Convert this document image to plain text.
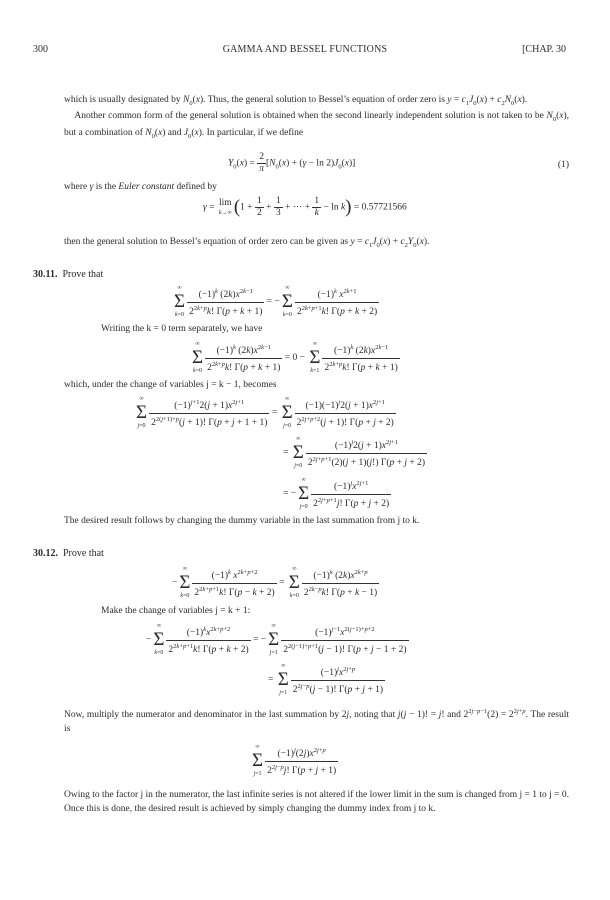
300	GAMMA AND BESSEL FUNCTIONS	[CHAP. 30
which is usually designated by $N_0(x)$. Thus, the general solution to Bessel’s equation of order zero is $y = c_1J_0(x) + c_2N_0(x)$.
Another common form of the general solution is obtained when the second linearly independent solution is not taken to be $N_0(x)$, but a combination of $N_0(x)$ and $J_0(x)$. In particular, if we define
$Y_0(x) = \frac{2}{\pi} [N_0(x) + (\gamma - \ln 2)J_0(x)]$	(1)
where γ is the Euler constant defined by
γ =
lim
k→∞ ($1 + \frac{1}{2} + \frac{1}{3}$ + ⋯ + $\frac{1}{k} - \ln k) = 0.57721566$
then the general solution to Bessel’s equation of order zero can be given as $y = c_1J_0(x) + c_2Y_0(x)$.
30.11. Prove that
∞
Σ
$k=0 \frac{(-1)^k (2k)x^{2k-1}}{2^{2k+p}k! \Gamma(p + k + 1)}$ = −
∞
Σ
$k=0 \frac{(-1)^k x^{2k+1}}{2^{2k+p+1}k! \Gamma(p + k + 2)}$
Writing the k = 0 term separately, we have
∞
Σ
$k=0 \frac{(-1)^k (2k)x^{2k-1}}{2^{2k+p}k! \Gamma(p + k + 1)} = 0$ −
∞
Σ
$k=1 \frac{(-1)^k (2k)x^{2k-1}}{2^{2k+p}k! \Gamma(p + k + 1)}$
which, under the change of variables j = k − 1, becomes
∞
Σ
$j=0 \frac{(-1)^{j+1}2(j + 1)x^{2j+1}}{2^{2(j+1)+p}(j + 1)! \Gamma(p + j + 1 + 1)}$ =
∞
Σ
$j=0 \frac{(-1)(-1)^j2(j + 1)x^{2j+1}}{2^{2j+p+2}(j + 1)! \Gamma(p + j + 2)}$
=
∞
Σ
$j=0 \frac{(-1)^j2(j + 1)x^{2j+1}}{2^{2j+p+1}(2)(j + 1)(j!) \Gamma(p + j + 2)}$
= −
∞
Σ
$j=0 \frac{(-1)^jx^{2j+1}}{2^{2j+p+1}j! \Gamma(p + j + 2)}$
The desired result follows by changing the dummy variable in the last summation from j to k.
30.12. Prove that
−
∞
Σ
$k=0 \frac{(-1)^k x^{2k+p+2}}{2^{2k+p+1}k! \Gamma(p - k + 2)}$ =
∞
Σ
$k=0 \frac{(-1)^k (2k)x^{2k+p}}{2^{2k-p}k! \Gamma(p + k - 1)}$
Make the change of variables j = k + 1:
−
∞
Σ
$k=0 \frac{(-1)^kx^{2k+p+2}}{2^{2k+p+1}k! \Gamma(p + k + 2)}$ = −
∞
Σ
$j=1 \frac{(-1)^{j-1}x^{2(j-1)+p+2}}{2^{2(j-1)+p+1}(j - 1)! \Gamma(p + j - 1 + 2)}$
=
∞
Σ
$j=1 \frac{(-1)^jx^{2j+p}}{2^{2j-p}(j - 1)! \Gamma(p + j + 1)}$
Now, multiply the numerator and denominator in the last summation by 2j, noting that j(j − 1)! = j! and $2^{2j-p-1}(2) = 2^{2j+p}$. The result is
∞
Σ
$j=1 \frac{(-1)^j(2j)x^{2j+p}}{2^{2j-p}j! \Gamma(p + j + 1)}$
Owing to the factor j in the numerator, the last infinite series is not altered if the lower limit in the sum is changed from j = 1 to j = 0. Once this is done, the desired result is achieved by simply changing the dummy index from j to k.
